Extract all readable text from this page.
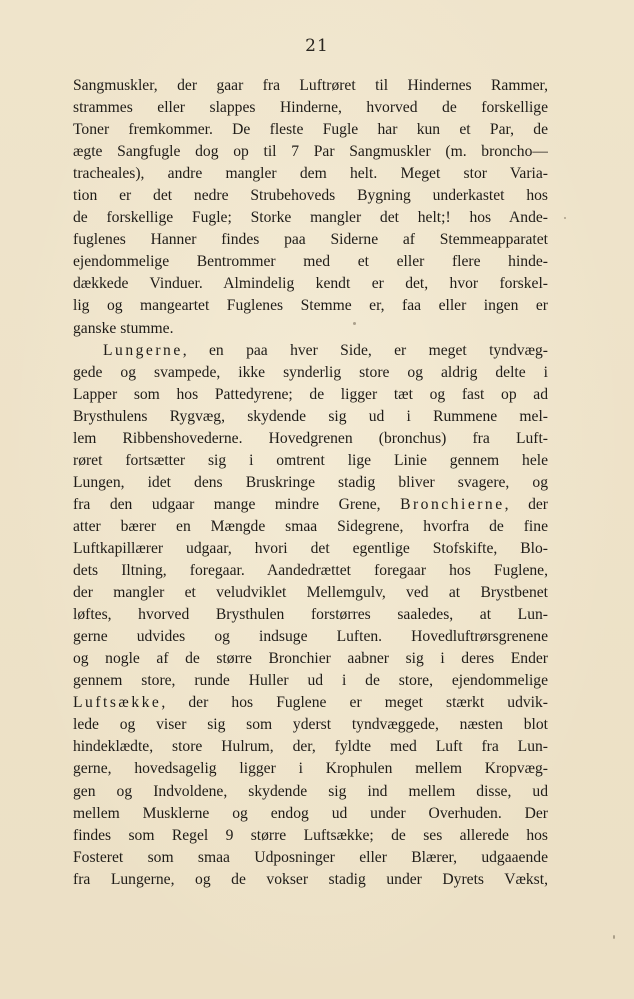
21
Sangmuskler, der gaar fra Luftrøret til Hindernes Rammer,
strammes eller slappes Hinderne, hvorved de forskellige
Toner fremkommer. De fleste Fugle har kun et Par, de
ægte Sangfugle dog op til 7 Par Sangmuskler (m. broncho—
tracheales), andre mangler dem helt. Meget stor Varia-
tion er det nedre Strubehoveds Bygning underkastet hos
de forskellige Fugle; Storke mangler det helt;! hos Ande-
fuglenes Hanner findes paa Siderne af Stemmeapparatet
ejendommelige Bentrommer med et eller flere hinde-
dækkede Vinduer. Almindelig kendt er det, hvor forskel-
lig og mangeartet Fuglenes Stemme er, faa eller ingen er
ganske stumme.
Lungerne, en paa hver Side, er meget tyndvæg-
gede og svampede, ikke synderlig store og aldrig delte i
Lapper som hos Pattedyrene; de ligger tæt og fast op ad
Brysthulens Rygvæg, skydende sig ud i Rummene mel-
lem Ribbenshovederne. Hovedgrenen (bronchus) fra Luft-
røret fortsætter sig i omtrent lige Linie gennem hele
Lungen, idet dens Bruskringe stadig bliver svagere, og
fra den udgaar mange mindre Grene, Bronchierne, der
atter bærer en Mængde smaa Sidegrene, hvorfra de fine
Luftkapillærer udgaar, hvori det egentlige Stofskifte, Blo-
dets Iltning, foregaar. Aandedrættet foregaar hos Fuglene,
der mangler et veludviklet Mellemgulv, ved at Brystbenet
løftes, hvorved Brysthulen forstørres saaledes, at Lun-
gerne udvides og indsuge Luften. Hovedluftrørsgrenene
og nogle af de større Bronchier aabner sig i deres Ender
gennem store, runde Huller ud i de store, ejendommelige
Luftsække, der hos Fuglene er meget stærkt udvik-
lede og viser sig som yderst tyndvæggede, næsten blot
hindeklædte, store Hulrum, der, fyldte med Luft fra Lun-
gerne, hovedsagelig ligger i Krophulen mellem Kropvæg-
gen og Indvoldene, skydende sig ind mellem disse, ud
mellem Musklerne og endog ud under Overhuden. Der
findes som Regel 9 større Luftsække; de ses allerede hos
Fosteret som smaa Udposninger eller Blærer, udgaaende
fra Lungerne, og de vokser stadig under Dyrets Vækst,
